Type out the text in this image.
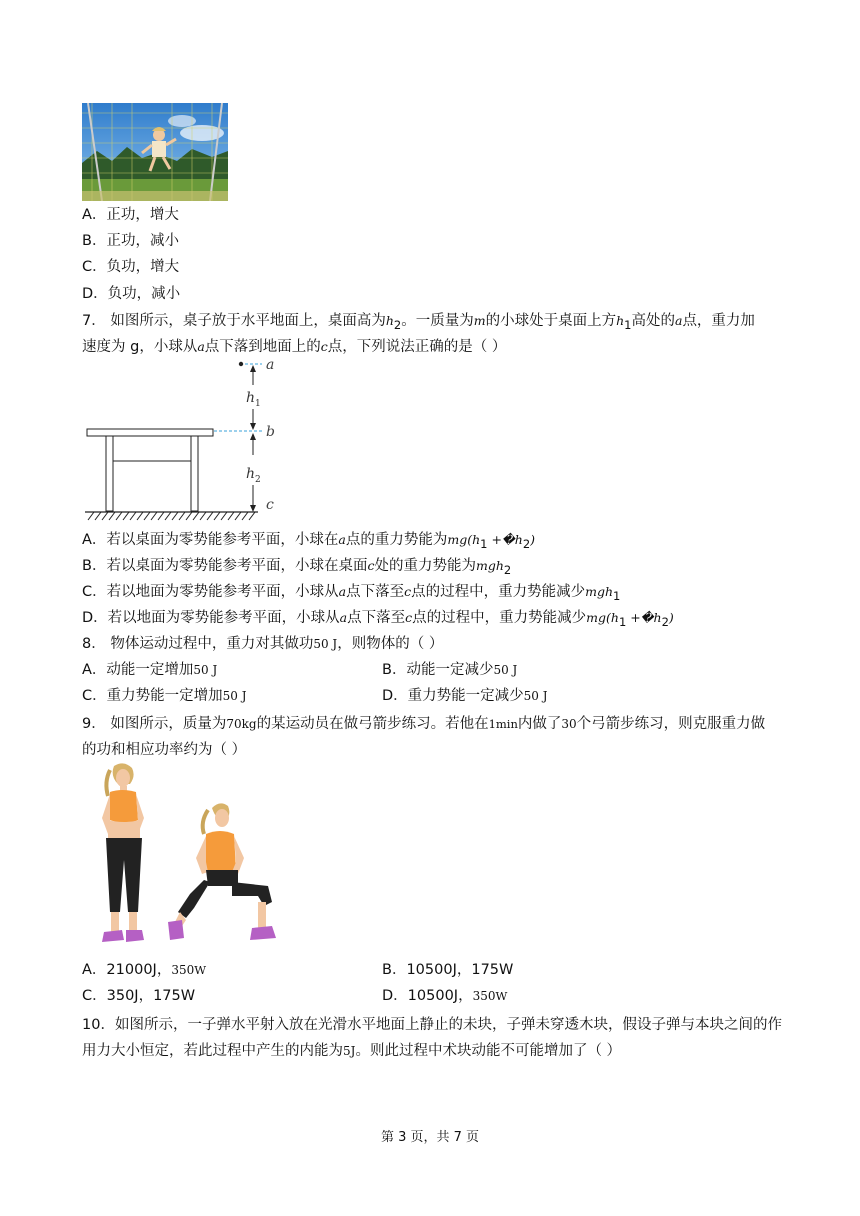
A．正功，增大
B．正功，减小
C．负功，增大
D．负功，减小
7． 如图所示，桌子放于水平地面上，桌面高为$h_2$。一质量为m的小球处于桌面上方$h_1$高处的a点，重力加
速度为 g，小球从a点下落到地面上的c点，下列说法正确的是（ ）
a
$h_1$
b
$h_2$
c
A．若以桌面为零势能参考平面，小球在a点的重力势能为$mg(h_1$ $+�h_2$)
B．若以桌面为零势能参考平面，小球在桌面c处的重力势能为mgh$_2$
C．若以地面为零势能参考平面，小球从a点下落至c点的过程中，重力势能减少mgh$_1$
D．若以地面为零势能参考平面，小球从a点下落至c点的过程中，重力势能减少$mg(h_1$ $+�h_2$)
8． 物体运动过程中，重力对其做功50 J，则物体的（ ）
A．动能一定增加50 J	B．动能一定减少50 J
C．重力势能一定增加50 J	D．重力势能一定减少50 J
9． 如图所示，质量为70kg的某运动员在做弓箭步练习。若他在1min内做了30个弓箭步练习，则克服重力做
的功和相应功率约为（ ）
A．21000J，350W	B．10500J，175W
C．350J，175W	D．10500J，350W
10．如图所示，一子弹水平射入放在光滑水平地面上静止的未块，子弹未穿透木块，假设子弹与本块之间的作
用力大小恒定，若此过程中产生的内能为5J。则此过程中术块动能不可能增加了（ ）
第 3 页，共 7 页
